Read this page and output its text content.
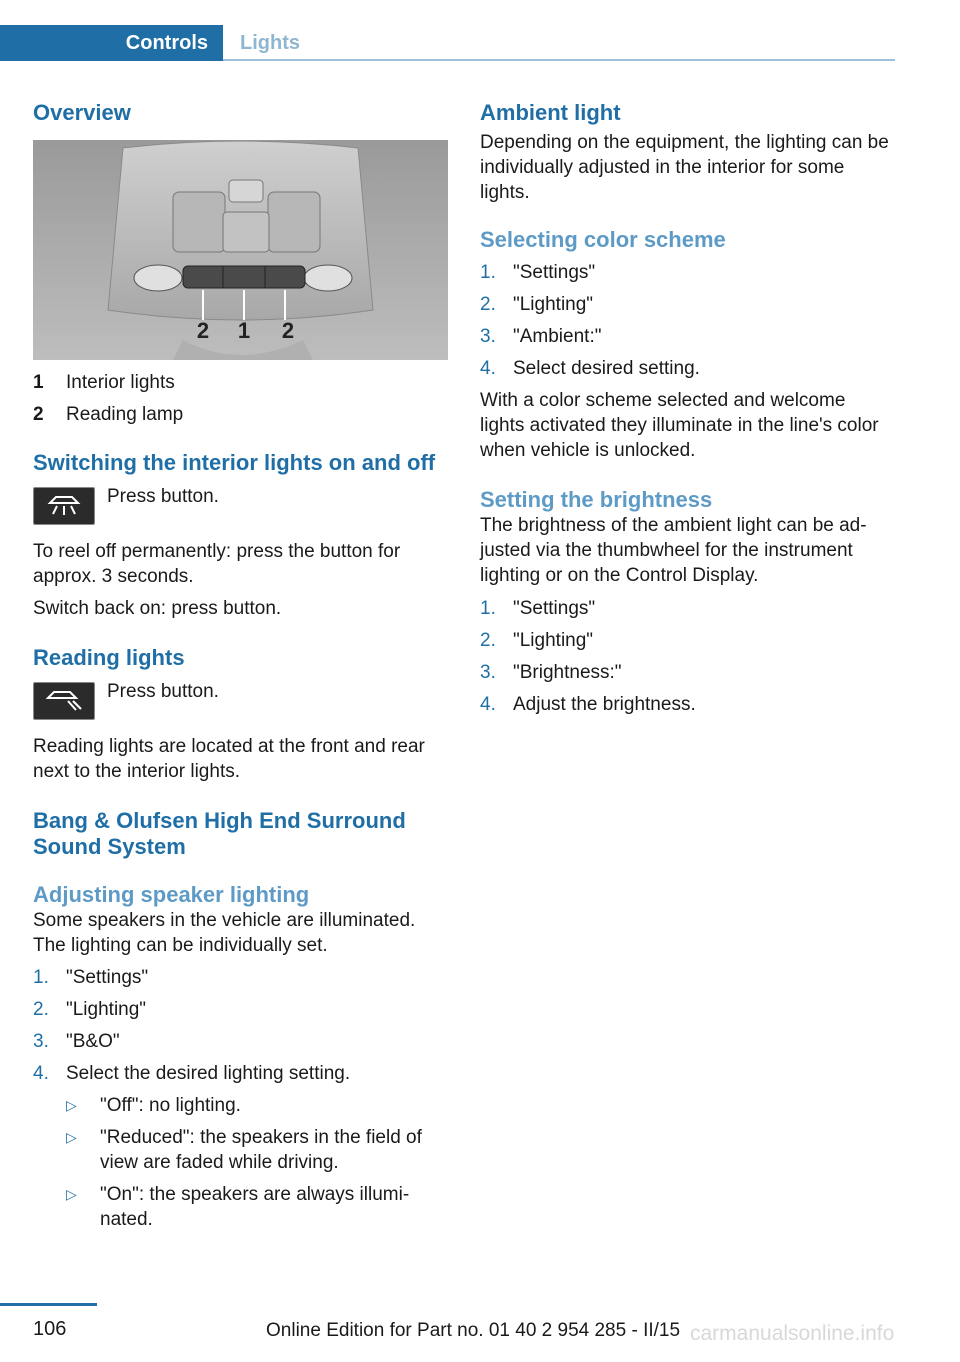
Controls	Lights
Overview
2 1 2
1	Interior lights
2	Reading lamp
Switching the interior lights on and off
Press button.

To reel off permanently: press the button for approx. 3 seconds.

Switch back on: press button.

Reading lights
Press button.

Reading lights are located at the front and rear next to the interior lights.

Bang & Olufsen High End Surround Sound System
Adjusting speaker lighting

Some speakers in the vehicle are illuminated. The lighting can be individually set.

1. "Settings"
2. "Lighting"
3. "B&O"
4. Select the desired lighting setting.
▷	"Off": no lighting.
▷	"Reduced": the speakers in the field of view are faded while driving.
▷	"On": the speakers are always illumi‐ nated.
Ambient light

Depending on the equipment, the lighting can be individually adjusted in the interior for some lights.

Selecting color scheme
1. "Settings"
2. "Lighting"
3. "Ambient:"
4. Select desired setting.

With a color scheme selected and welcome lights activated they illuminate in the line's color when vehicle is unlocked.

Setting the brightness

The brightness of the ambient light can be ad‐ justed via the thumbwheel for the instrument lighting or on the Control Display.

1. "Settings"
2. "Lighting"
3. "Brightness:"
4. Adjust the brightness.
106	Online Edition for Part no. 01 40 2 954 285 - II/15 carmanualsonline.info
